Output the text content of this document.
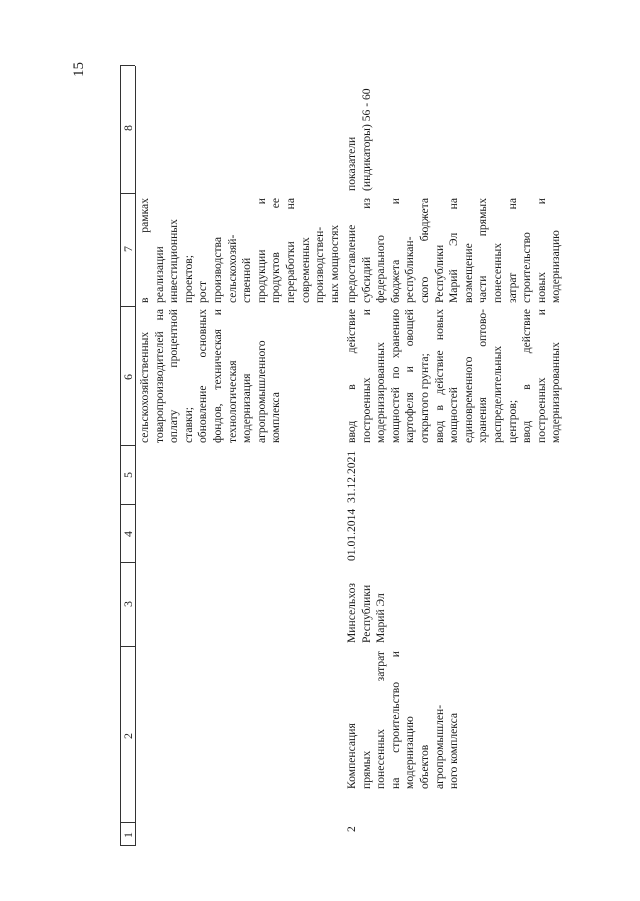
1
2
3
4
5
6
7
8
сельскохозяйственных товаропроизводителей на оплату процентной ставки; обновление основных фондов, техническая и технологическая модернизация агропромышленного комплекса
в рамках реализации инвестиционных проектов; рост производства сельскохозяй- ственной продукции и продуктов ее переработки на современных производствен- ных мощностях
2
Компенсация прямых понесенных затрат на строительство и модернизацию объектов агропромышлен- ного комплекса
Минсельхоз Республики Марий Эл
01.01.2014
31.12.2021
ввод в действие построенных и модернизированных мощностей по хранению картофеля и овощей открытого грунта; ввод в действие новых мощностей единовременного хранения оптово- распределительных центров; ввод в действие построенных и модернизированных
предоставление субсидий из федерального бюджета и республикан- ского бюджета Республики Марий Эл на возмещение части прямых понесенных затрат на строительство новых и модернизацию
показатели (индикаторы) 56 - 60
15
